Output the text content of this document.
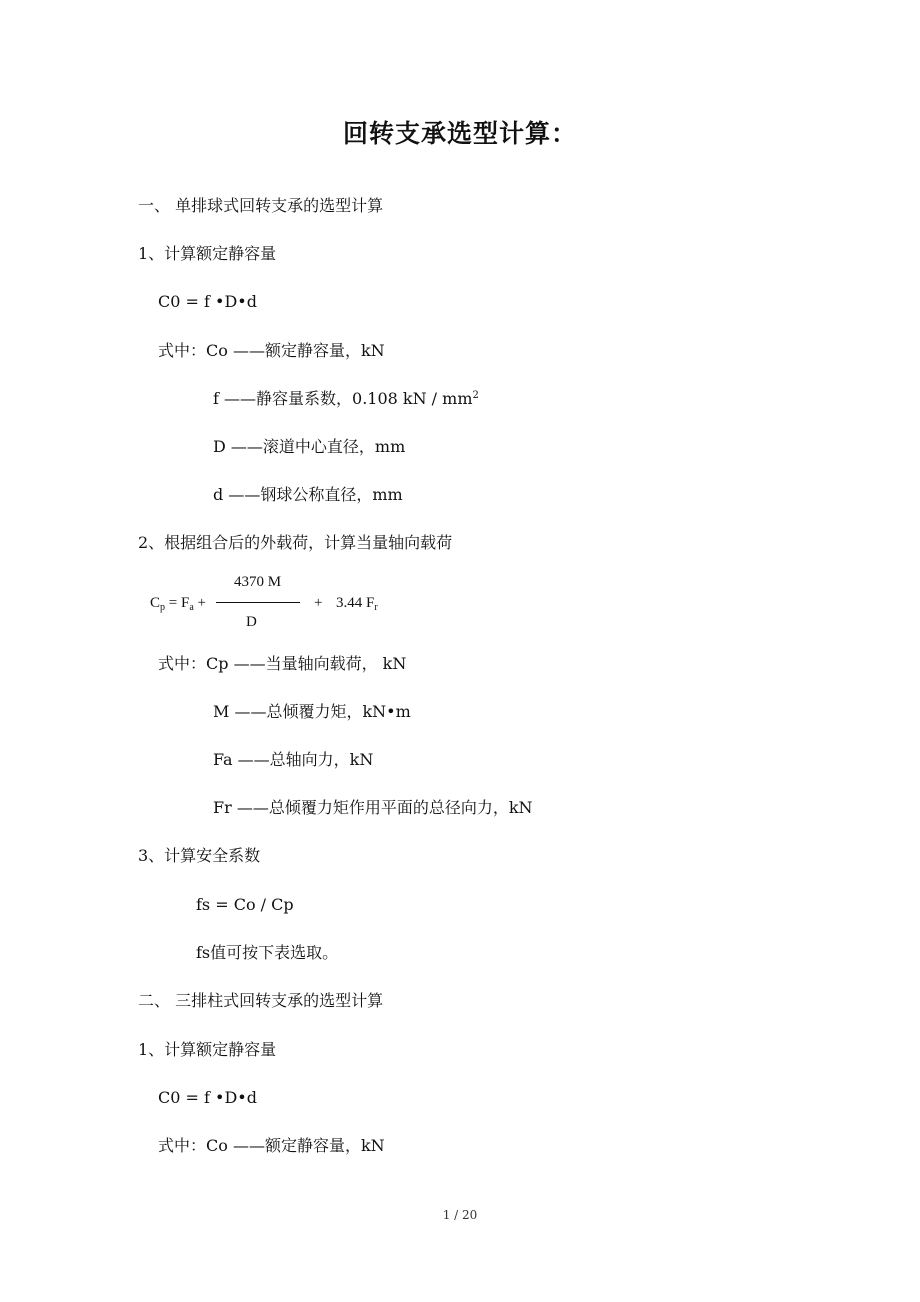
回转支承选型计算：
一、 单排球式回转支承的选型计算
1、计算额定静容量
C0 = f •D•d
式中：Co ——额定静容量，kN
f ——静容量系数，0.108 kN / $mm^2$
D ——滚道中心直径，mm
d ——钢球公称直径，mm
2、根据组合后的外载荷，计算当量轴向载荷
$C_p = F_a$ +
4370 M
D
+ 3.44 $F_r$
式中：Cp ——当量轴向载荷， kN
M ——总倾覆力矩，kN•m
Fa ——总轴向力，kN
Fr ——总倾覆力矩作用平面的总径向力，kN
3、计算安全系数
fs = Co / Cp
fs值可按下表选取。
二、 三排柱式回转支承的选型计算
1、计算额定静容量
C0 = f •D•d
式中：Co ——额定静容量，kN
1 / 20
